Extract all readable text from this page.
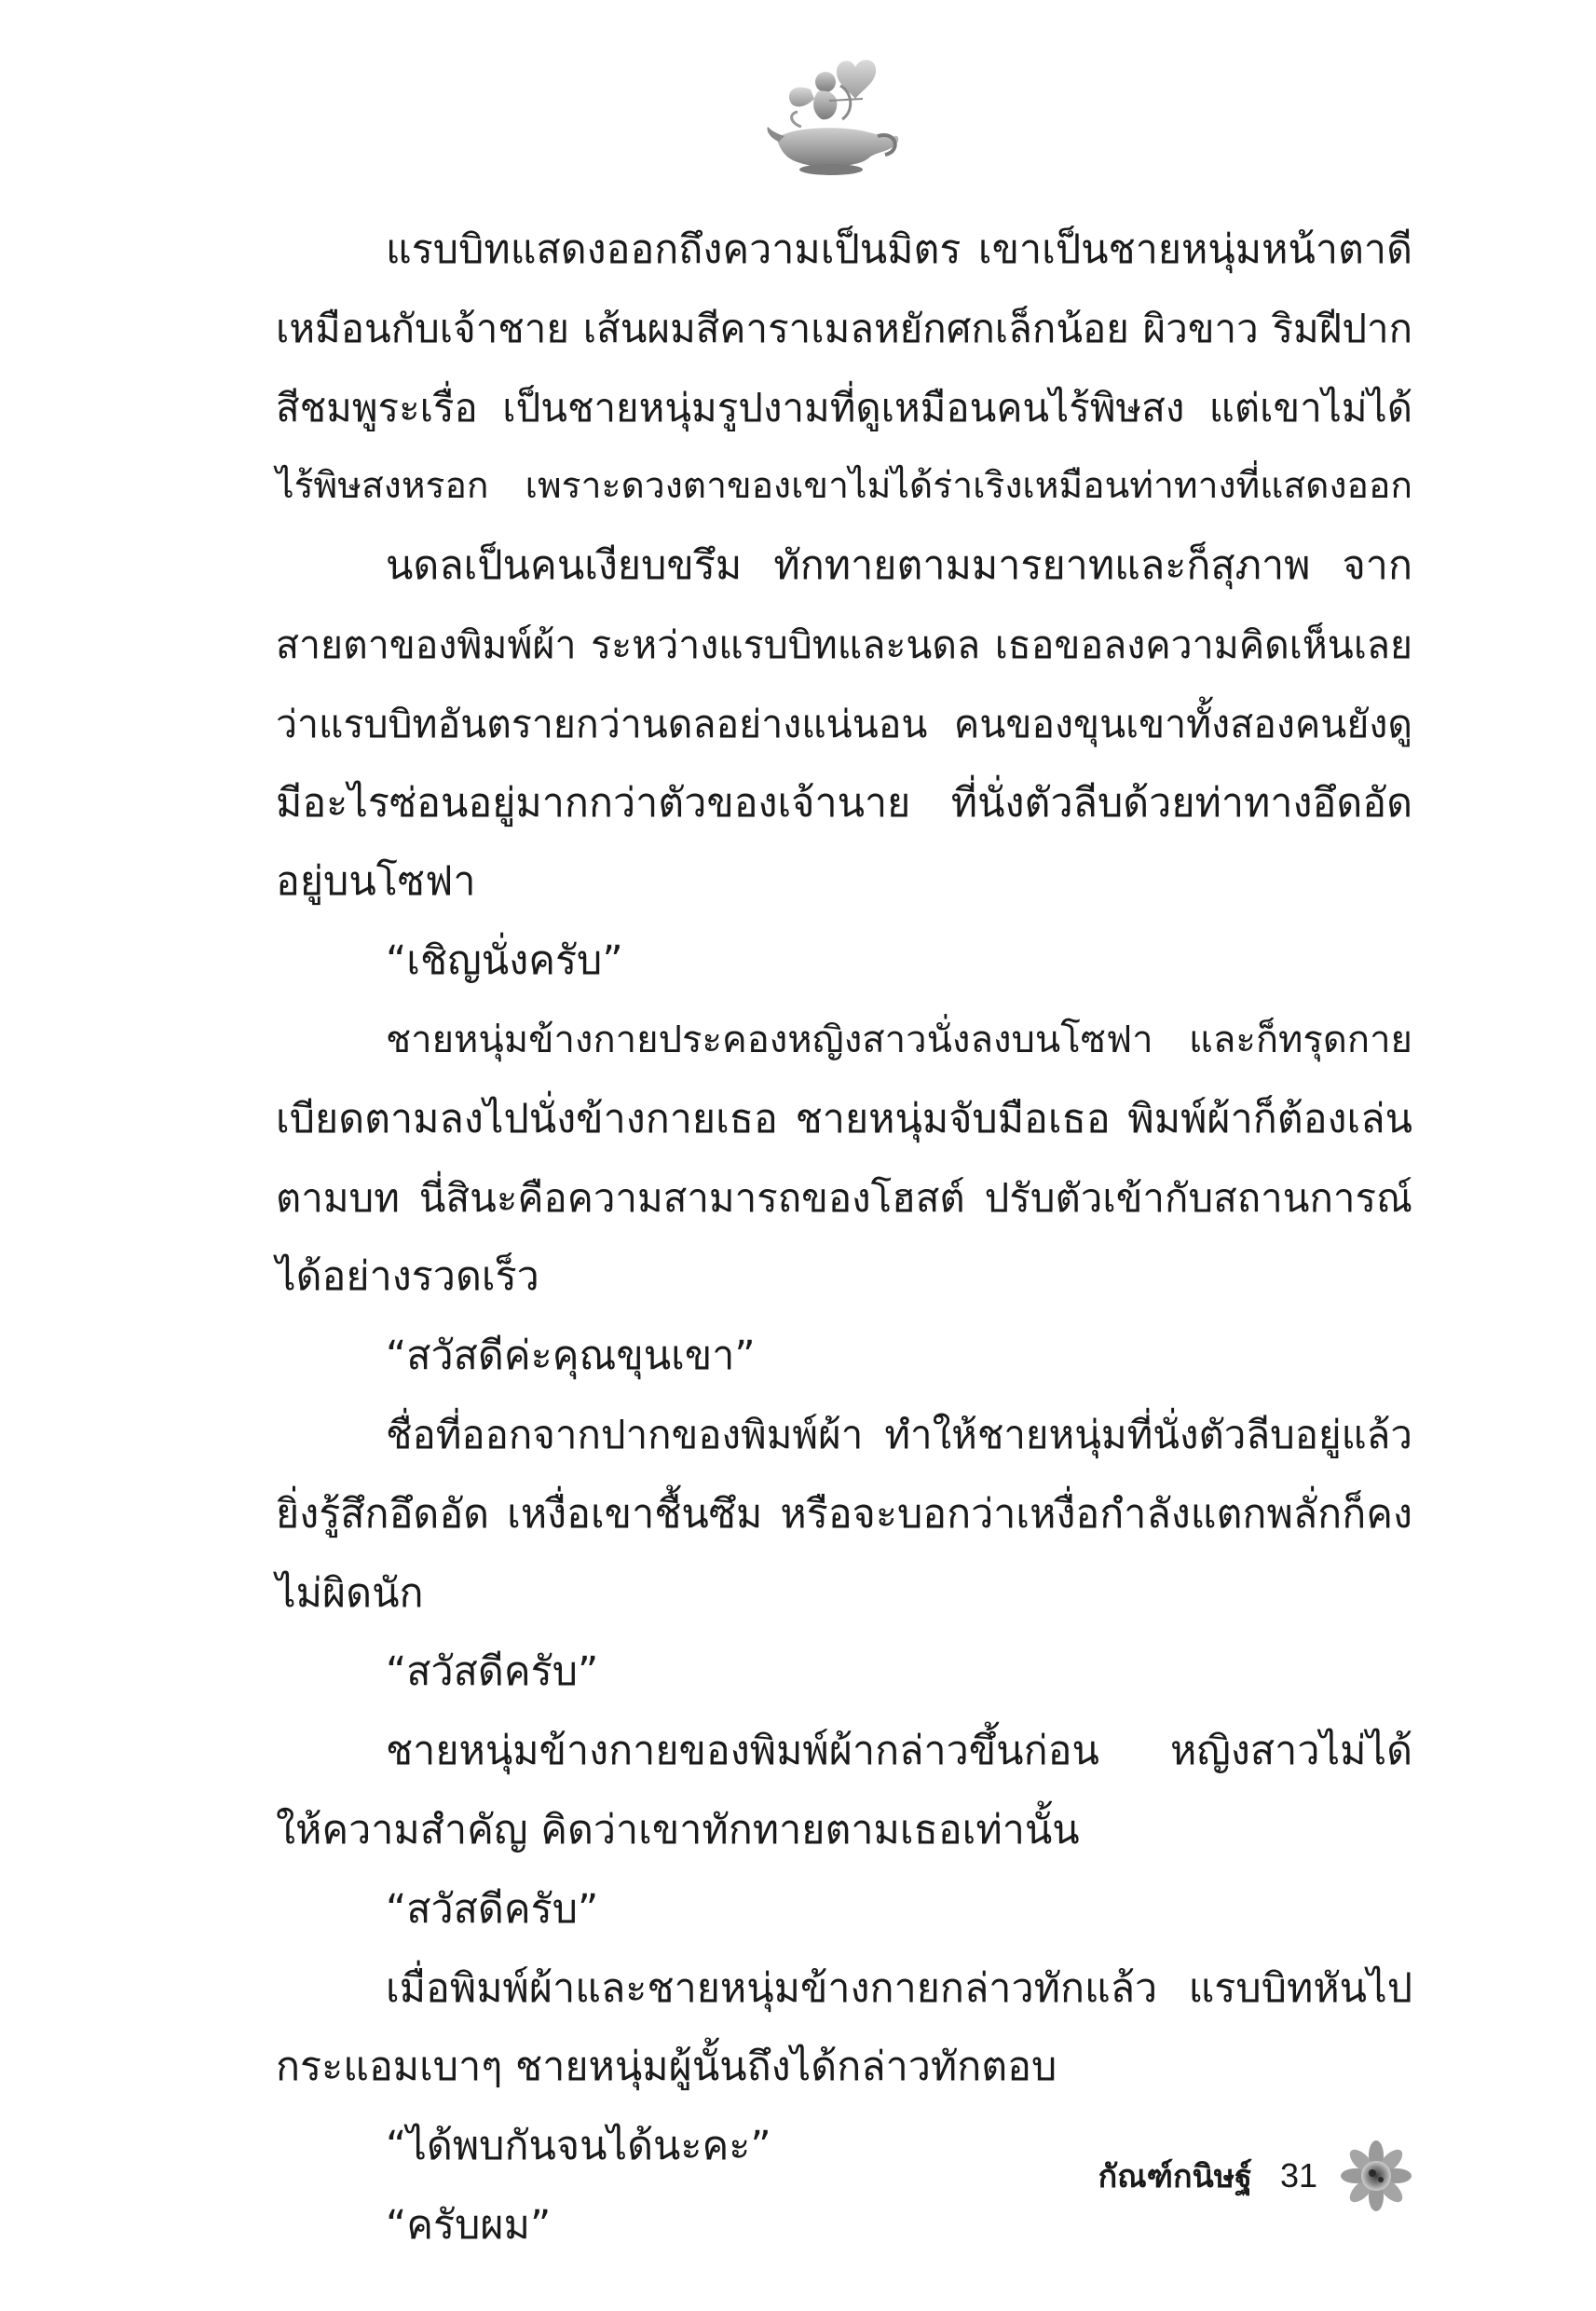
แรบบิทแสดงออกถึงความเป็นมิตร เขาเป็นชายหนุ่มหน้าตาดี
เหมือนกับเจ้าชาย เส้นผมสีคาราเมลหยักศกเล็กน้อย ผิวขาว ริมฝีปาก
สีชมพูระเรื่อ เป็นชายหนุ่มรูปงามที่ดูเหมือนคนไร้พิษสง แต่เขาไม่ได้
ไร้พิษสงหรอก เพราะดวงตาของเขาไม่ได้ร่าเริงเหมือนท่าทางที่แสดงออก
นดลเป็นคนเงียบขรึม ทักทายตามมารยาทและก็สุภาพ จาก
สายตาของพิมพ์ผ้า ระหว่างแรบบิทและนดล เธอขอลงความคิดเห็นเลย
ว่าแรบบิทอันตรายกว่านดลอย่างแน่นอน คนของขุนเขาทั้งสองคนยังดู
มีอะไรซ่อนอยู่มากกว่าตัวของเจ้านาย ที่นั่งตัวลีบด้วยท่าทางอึดอัด
อยู่บนโซฟา
“เชิญนั่งครับ”
ชายหนุ่มข้างกายประคองหญิงสาวนั่งลงบนโซฟา และก็ทรุดกาย
เบียดตามลงไปนั่งข้างกายเธอ ชายหนุ่มจับมือเธอ พิมพ์ผ้าก็ต้องเล่น
ตามบท นี่สินะคือความสามารถของโฮสต์ ปรับตัวเข้ากับสถานการณ์
ได้อย่างรวดเร็ว
“สวัสดีค่ะคุณขุนเขา”
ชื่อที่ออกจากปากของพิมพ์ผ้า ทำให้ชายหนุ่มที่นั่งตัวลีบอยู่แล้ว
ยิ่งรู้สึกอึดอัด เหงื่อเขาชื้นซึม หรือจะบอกว่าเหงื่อกำลังแตกพลั่กก็คง
ไม่ผิดนัก
“สวัสดีครับ”
ชายหนุ่มข้างกายของพิมพ์ผ้ากล่าวขึ้นก่อน หญิงสาวไม่ได้
ให้ความสำคัญ คิดว่าเขาทักทายตามเธอเท่านั้น
“สวัสดีครับ”
เมื่อพิมพ์ผ้าและชายหนุ่มข้างกายกล่าวทักแล้ว แรบบิทหันไป
กระแอมเบาๆ ชายหนุ่มผู้นั้นถึงได้กล่าวทักตอบ
“ได้พบกันจนได้นะคะ”
“ครับผม”
กัณฑ์กนิษฐ์ 31
